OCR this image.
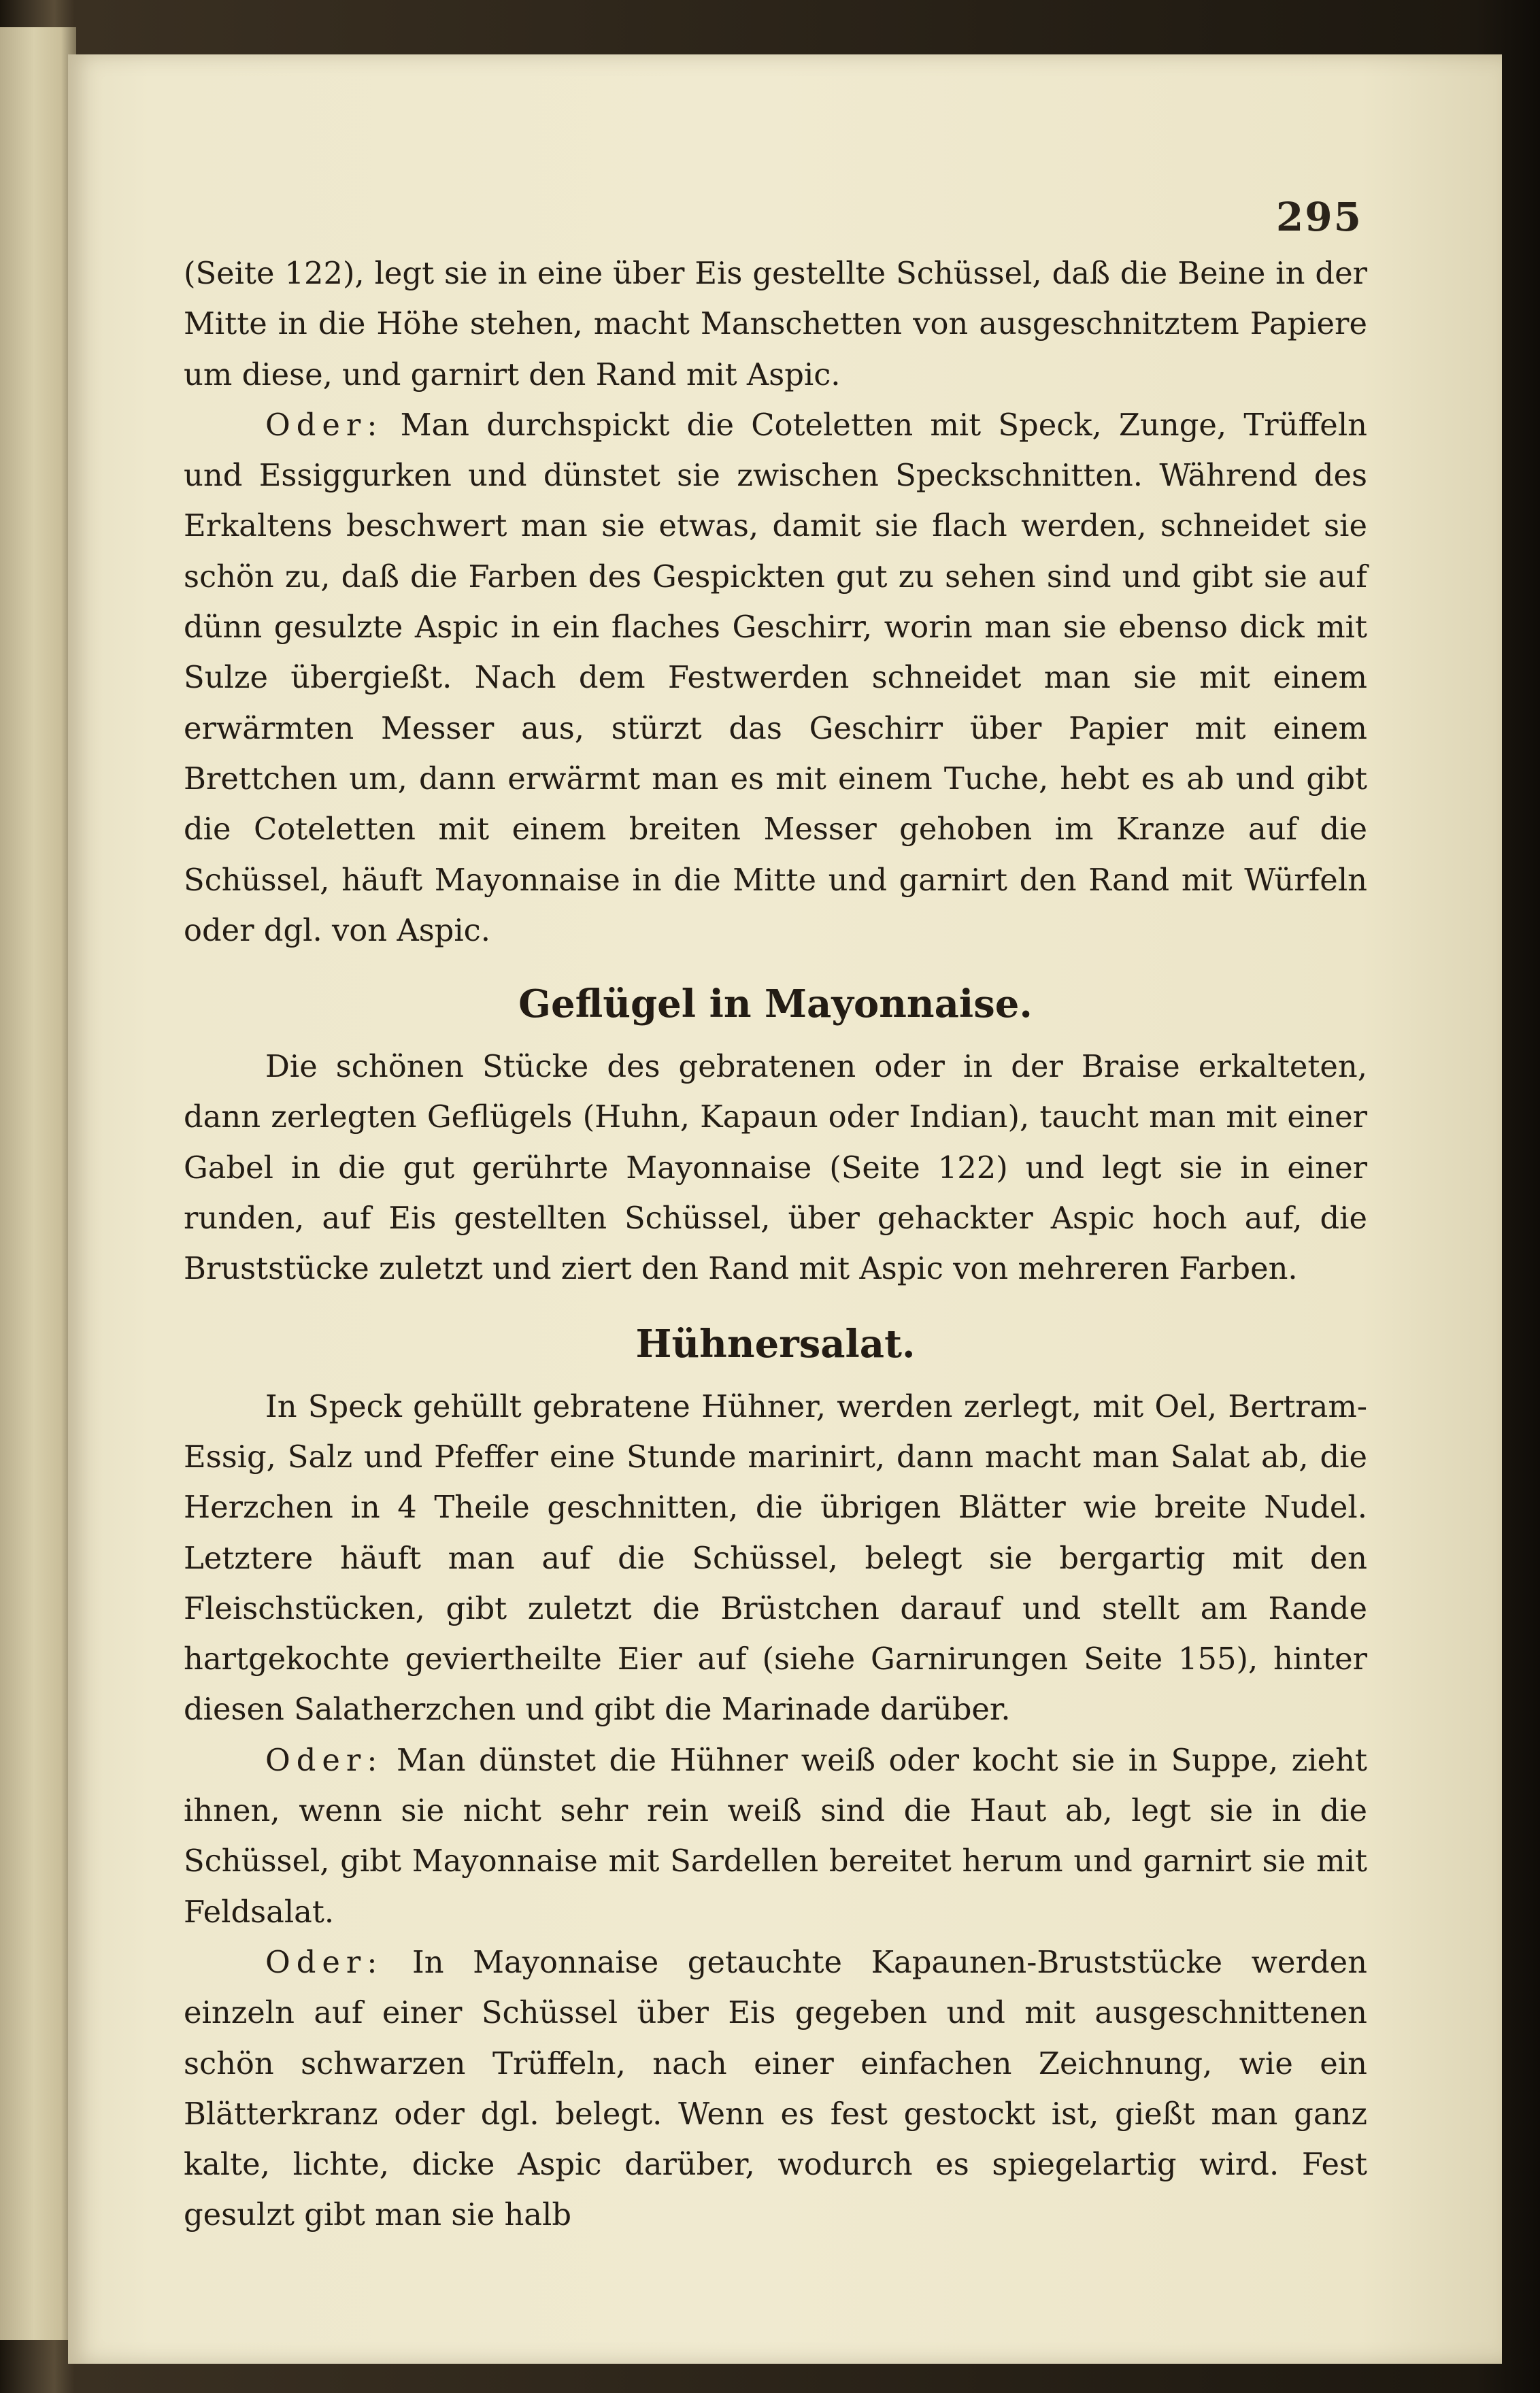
295

(Seite 122), legt sie in eine über Eis gestellte Schüssel, daß die Beine in der Mitte in die Höhe stehen, macht Manschetten von ausgeschnitztem Papiere um diese, und garnirt den Rand mit Aspic.

Oder: Man durchspickt die Coteletten mit Speck, Zunge, Trüffeln und Essiggurken und dünstet sie zwischen Speckschnitten. Während des Erkaltens beschwert man sie etwas, damit sie flach werden, schneidet sie schön zu, daß die Farben des Gespickten gut zu sehen sind und gibt sie auf dünn gesulzte Aspic in ein flaches Geschirr, worin man sie ebenso dick mit Sulze übergießt. Nach dem Festwerden schneidet man sie mit einem erwärmten Messer aus, stürzt das Geschirr über Papier mit einem Brettchen um, dann erwärmt man es mit einem Tuche, hebt es ab und gibt die Coteletten mit einem breiten Messer gehoben im Kranze auf die Schüssel, häuft Mayonnaise in die Mitte und garnirt den Rand mit Würfeln oder dgl. von Aspic.

Geflügel in Mayonnaise.

Die schönen Stücke des gebratenen oder in der Braise erkalteten, dann zerlegten Geflügels (Huhn, Kapaun oder Indian), taucht man mit einer Gabel in die gut gerührte Mayonnaise (Seite 122) und legt sie in einer runden, auf Eis gestellten Schüssel, über gehackter Aspic hoch auf, die Bruststücke zuletzt und ziert den Rand mit Aspic von mehreren Farben.

Hühnersalat.

In Speck gehüllt gebratene Hühner, werden zerlegt, mit Oel, Bertram-Essig, Salz und Pfeffer eine Stunde marinirt, dann macht man Salat ab, die Herzchen in 4 Theile geschnitten, die übrigen Blätter wie breite Nudel. Letztere häuft man auf die Schüssel, belegt sie bergartig mit den Fleischstücken, gibt zuletzt die Brüstchen darauf und stellt am Rande hartgekochte geviertheilte Eier auf (siehe Garnirungen Seite 155), hinter diesen Salatherzchen und gibt die Marinade darüber.

Oder: Man dünstet die Hühner weiß oder kocht sie in Suppe, zieht ihnen, wenn sie nicht sehr rein weiß sind die Haut ab, legt sie in die Schüssel, gibt Mayonnaise mit Sardellen bereitet herum und garnirt sie mit Feldsalat.

Oder: In Mayonnaise getauchte Kapaunen-Bruststücke werden einzeln auf einer Schüssel über Eis gegeben und mit ausgeschnittenen schön schwarzen Trüffeln, nach einer einfachen Zeichnung, wie ein Blätterkranz oder dgl. belegt. Wenn es fest gestockt ist, gießt man ganz kalte, lichte, dicke Aspic darüber, wodurch es spiegelartig wird. Fest gesulzt gibt man sie halb
